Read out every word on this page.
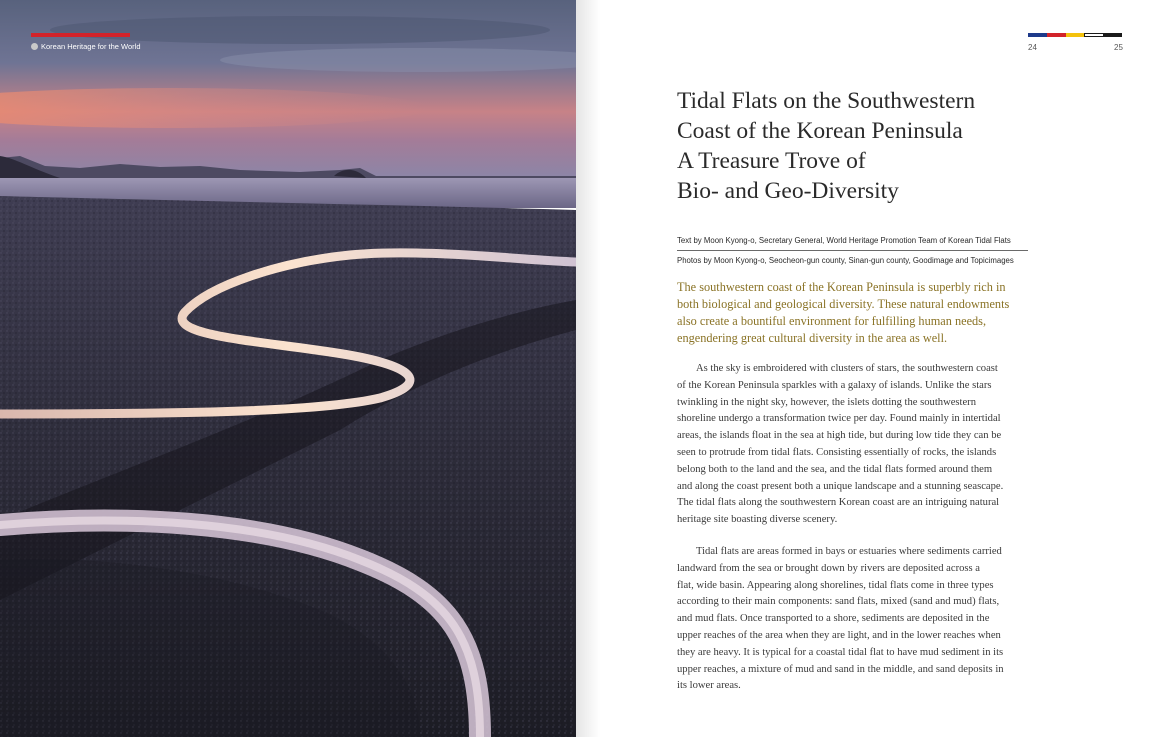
Korean Heritage for the World	24	25
Tidal Flats on the Southwestern
Coast of the Korean Peninsula
A Treasure Trove of
Bio- and Geo-Diversity
Text by Moon Kyong-o, Secretary General, World Heritage Promotion Team of Korean Tidal Flats
Photos by Moon Kyong-o, Seocheon-gun county, Sinan-gun county, Goodimage and Topicimages
The southwestern coast of the Korean Peninsula is superbly rich in
both biological and geological diversity. These natural endowments
also create a bountiful environment for fulfilling human needs,
engendering great cultural diversity in the area as well.
As the sky is embroidered with clusters of stars, the southwestern coast
of the Korean Peninsula sparkles with a galaxy of islands. Unlike the stars
twinkling in the night sky, however, the islets dotting the southwestern
shoreline undergo a transformation twice per day. Found mainly in intertidal
areas, the islands float in the sea at high tide, but during low tide they can be
seen to protrude from tidal flats. Consisting essentially of rocks, the islands
belong both to the land and the sea, and the tidal flats formed around them
and along the coast present both a unique landscape and a stunning seascape.
The tidal flats along the southwestern Korean coast are an intriguing natural
heritage site boasting diverse scenery.
Tidal flats are areas formed in bays or estuaries where sediments carried
landward from the sea or brought down by rivers are deposited across a
flat, wide basin. Appearing along shorelines, tidal flats come in three types
according to their main components: sand flats, mixed (sand and mud) flats,
and mud flats. Once transported to a shore, sediments are deposited in the
upper reaches of the area when they are light, and in the lower reaches when
they are heavy. It is typical for a coastal tidal flat to have mud sediment in its
upper reaches, a mixture of mud and sand in the middle, and sand deposits in
its lower areas.
